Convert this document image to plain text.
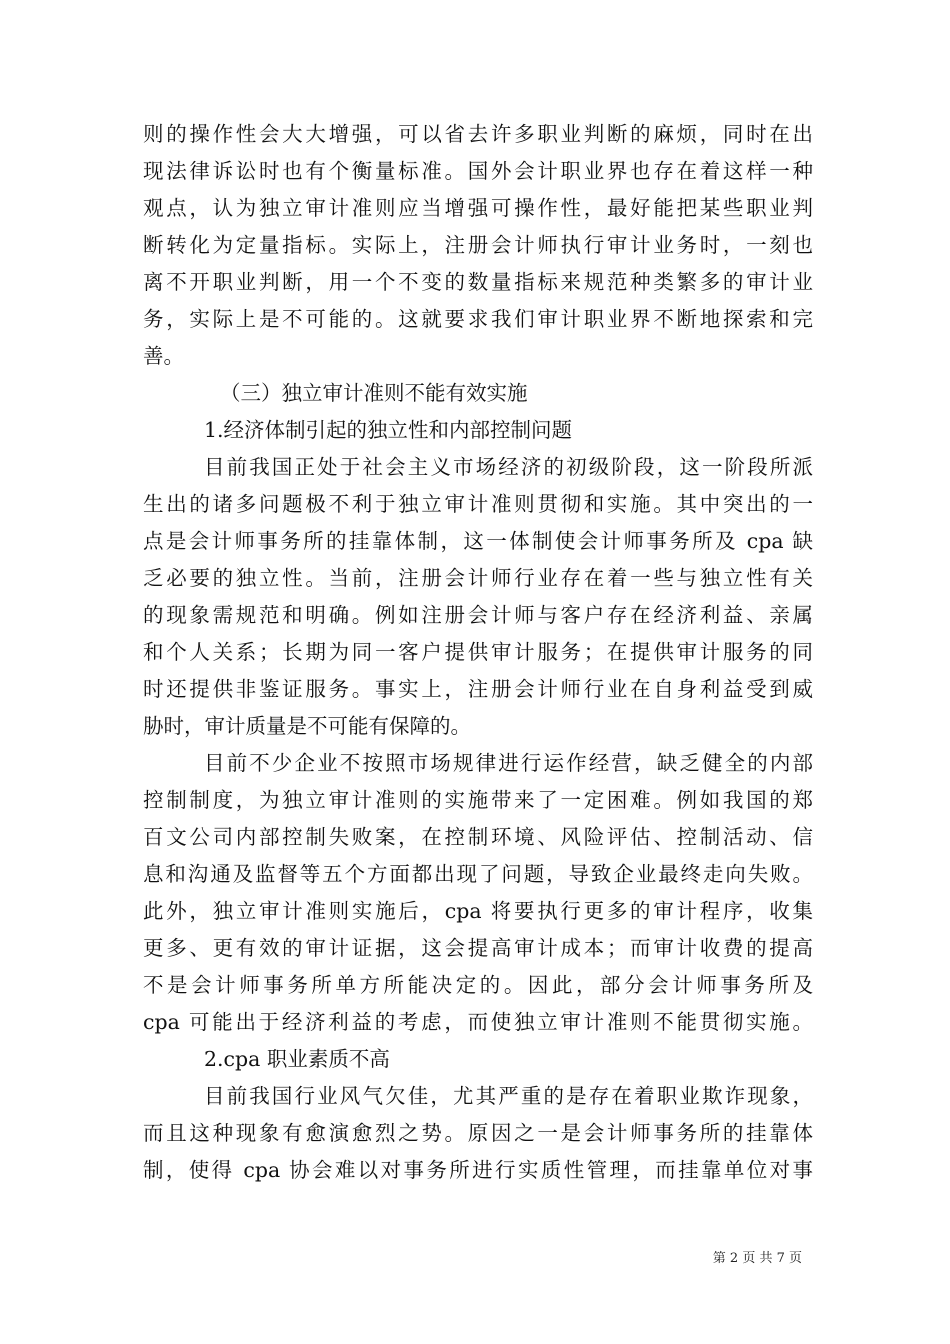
则的操作性会大大增强，可以省去许多职业判断的麻烦，同时在出
现法律诉讼时也有个衡量标准。国外会计职业界也存在着这样一种
观点，认为独立审计准则应当增强可操作性，最好能把某些职业判
断转化为定量指标。实际上，注册会计师执行审计业务时，一刻也
离不开职业判断，用一个不变的数量指标来规范种类繁多的审计业
务，实际上是不可能的。这就要求我们审计职业界不断地探索和完
善。
（三）独立审计准则不能有效实施
1.经济体制引起的独立性和内部控制问题
目前我国正处于社会主义市场经济的初级阶段，这一阶段所派
生出的诸多问题极不利于独立审计准则贯彻和实施。其中突出的一
点是会计师事务所的挂靠体制，这一体制使会计师事务所及 cpa 缺
乏必要的独立性。当前，注册会计师行业存在着一些与独立性有关
的现象需规范和明确。例如注册会计师与客户存在经济利益、亲属
和个人关系；长期为同一客户提供审计服务；在提供审计服务的同
时还提供非鉴证服务。事实上，注册会计师行业在自身利益受到威
胁时，审计质量是不可能有保障的。
目前不少企业不按照市场规律进行运作经营，缺乏健全的内部
控制制度，为独立审计准则的实施带来了一定困难。例如我国的郑
百文公司内部控制失败案，在控制环境、风险评估、控制活动、信
息和沟通及监督等五个方面都出现了问题，导致企业最终走向失败。
此外，独立审计准则实施后，cpa 将要执行更多的审计程序，收集
更多、更有效的审计证据，这会提高审计成本；而审计收费的提高
不是会计师事务所单方所能决定的。因此，部分会计师事务所及
cpa 可能出于经济利益的考虑，而使独立审计准则不能贯彻实施。
2.cpa 职业素质不高
目前我国行业风气欠佳，尤其严重的是存在着职业欺诈现象，
而且这种现象有愈演愈烈之势。原因之一是会计师事务所的挂靠体
制，使得 cpa 协会难以对事务所进行实质性管理，而挂靠单位对事
第 2 页 共 7 页
